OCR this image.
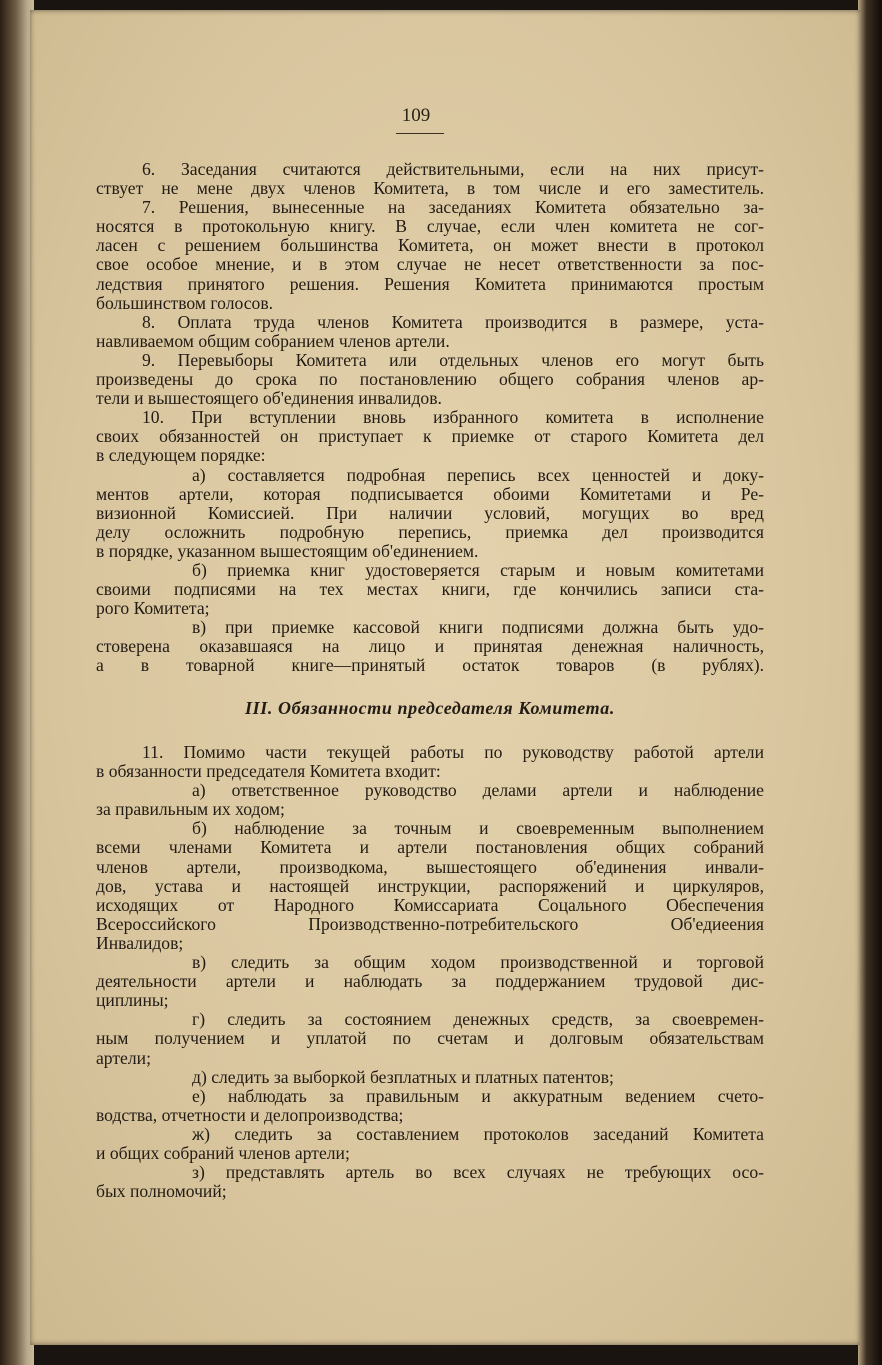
109
6. Заседания считаются действительными, если на них присут-
ствует не мене двух членов Комитета, в том числе и его заместитель.
7. Решения, вынесенные на заседаниях Комитета обязательно за-
носятся в протокольную книгу. В случае, если член комитета не сог-
ласен с решением большинства Комитета, он может внести в протокол
свое особое мнение, и в этом случае не несет ответственности за пос-
ледствия принятого решения. Решения Комитета принимаются простым
большинством голосов.
8. Оплата труда членов Комитета производится в размере, уста-
навливаемом общим собранием членов артели.
9. Перевыборы Комитета или отдельных членов его могут быть
произведены до срока по постановлению общего собрания членов ар-
тели и вышестоящего об'единения инвалидов.
10. При вступлении вновь избранного комитета в исполнение
своих обязанностей он приступает к приемке от старого Комитета дел
в следующем порядке:
а) составляется подробная перепись всех ценностей и доку-
ментов артели, которая подписывается обоими Комитетами и Ре-
визионной Комиссией. При наличии условий, могущих во вред
делу осложнить подробную перепись, приемка дел производится
в порядке, указанном вышестоящим об'единением.
б) приемка книг удостоверяется старым и новым комитетами
своими подписями на тех местах книги, где кончились записи ста-
рого Комитета;
в) при приемке кассовой книги подписями должна быть удо-
стоверена оказавшаяся на лицо и принятая денежная наличность,
а в товарной книге—принятый остаток товаров (в рублях).
III. Обязанности председателя Комитета.
11. Помимо части текущей работы по руководству работой артели
в обязанности председателя Комитета входит:
а) ответственное руководство делами артели и наблюдение
за правильным их ходом;
б) наблюдение за точным и своевременным выполнением
всеми членами Комитета и артели постановления общих собраний
членов артели, производкома, вышестоящего об'единения инвали-
дов, устава и настоящей инструкции, распоряжений и циркуляров,
исходящих от Народного Комиссариата Соцального Обеспечения
Всероссийского Производственно-потребительского Об'едиеения
Инвалидов;
в) следить за общим ходом производственной и торговой
деятельности артели и наблюдать за поддержанием трудовой дис-
циплины;
г) следить за состоянием денежных средств, за своевремен-
ным получением и уплатой по счетам и долговым обязательствам
артели;
д) следить за выборкой безплатных и платных патентов;
е) наблюдать за правильным и аккуратным ведением счето-
водства, отчетности и делопроизводства;
ж) следить за составлением протоколов заседаний Комитета
и общих собраний членов артели;
з) представлять артель во всех случаях не требующих осо-
бых полномочий;
